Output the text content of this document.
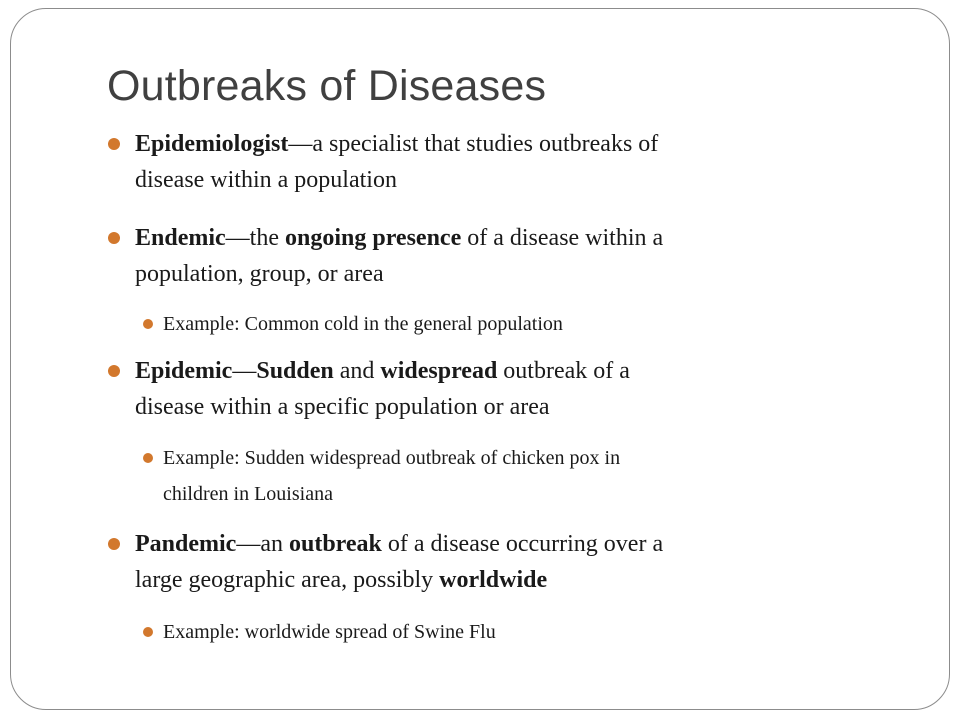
Outbreaks of Diseases
Epidemiologist—a specialist that studies outbreaks of
disease within a population
Endemic—the ongoing presence of a disease within a
population, group, or area
Example: Common cold in the general population
Epidemic—Sudden and widespread outbreak of a
disease within a specific population or area
Example: Sudden widespread outbreak of chicken pox in
children in Louisiana
Pandemic—an outbreak of a disease occurring over a
large geographic area, possibly worldwide
Example: worldwide spread of Swine Flu
